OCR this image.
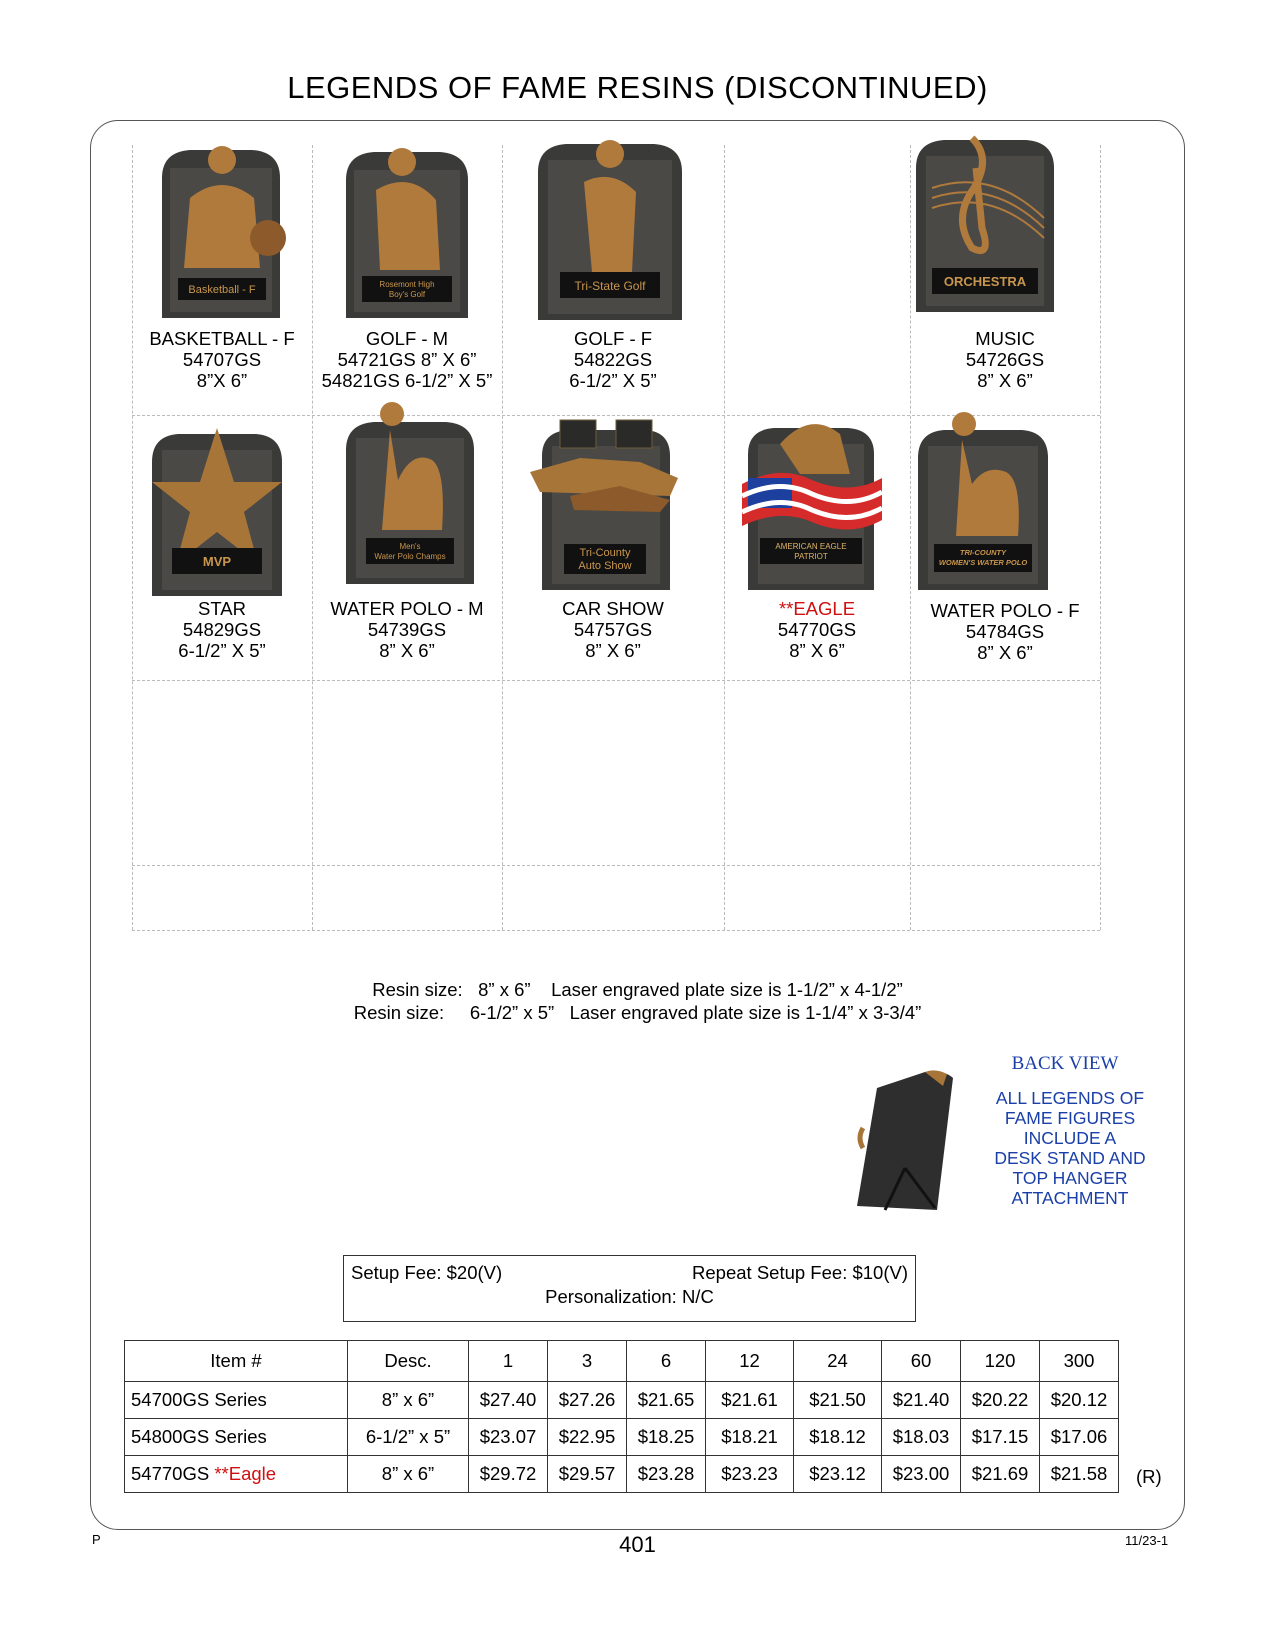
LEGENDS OF FAME RESINS (DISCONTINUED)
Basketball - F
BASKETBALL - F
54707GS
8”X 6”
Rosemont High
Boy's Golf
GOLF - M
54721GS 8” X 6”
54821GS 6-1/2” X 5”
Tri-State Golf
GOLF - F
54822GS
6-1/2” X 5”
ORCHESTRA
MUSIC
54726GS
8” X 6”
MVP
STAR
54829GS
6-1/2” X 5”
Men's
Water Polo Champs
WATER POLO - M
54739GS
8” X 6”
Tri-County
Auto Show
CAR SHOW
54757GS
8” X 6”
AMERICAN EAGLE
PATRIOT
**EAGLE
54770GS
8” X 6”
TRI-COUNTY
WOMEN'S WATER POLO
WATER POLO - F
54784GS
8” X 6”
Resin size:   8” x 6”    Laser engraved plate size is 1-1/2” x 4-1/2”
Resin size:     6-1/2” x 5”   Laser engraved plate size is 1-1/4” x 3-3/4”
BACK VIEW
ALL LEGENDS OF
FAME FIGURES
INCLUDE A
DESK STAND AND
TOP HANGER
ATTACHMENT
Setup Fee: $20(V)	Repeat Setup Fee: $10(V)
Personalization: N/C
Item #	Desc.	1	3	6	12	24	60	120	300
54700GS Series	8” x 6”	$27.40	$27.26	$21.65	$21.61	$21.50	$21.40	$20.22	$20.12
54800GS Series	6-1/2” x 5”	$23.07	$22.95	$18.25	$18.21	$18.12	$18.03	$17.15	$17.06
54770GS **Eagle	8” x 6”	$29.72	$29.57	$23.28	$23.23	$23.12	$23.00	$21.69	$21.58 (R)
P	401	11/23-1
